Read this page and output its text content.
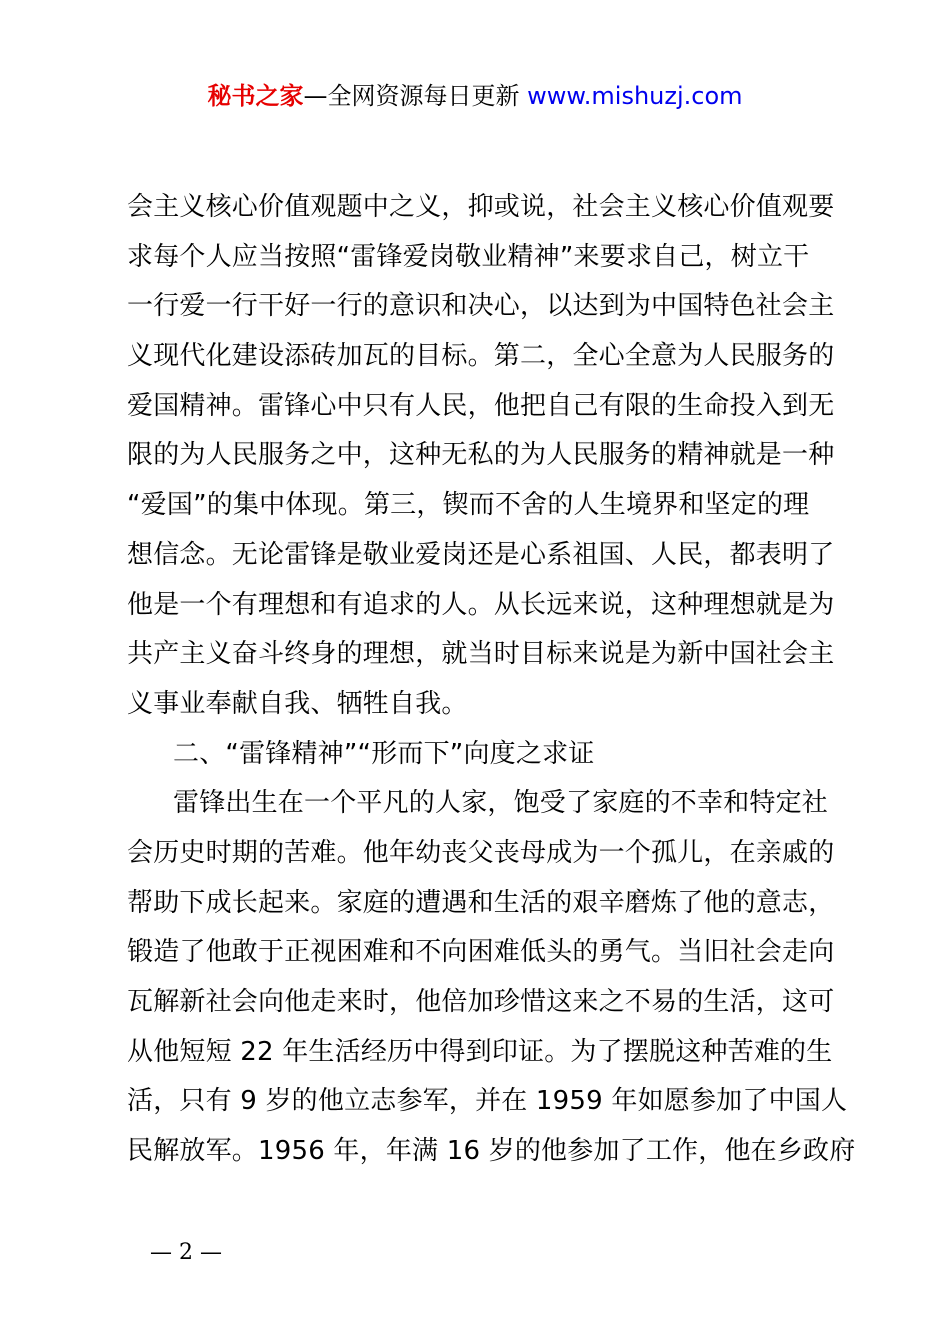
秘书之家—全网资源每日更新 www.mishuzj.com
会主义核心价值观题中之义，抑或说，社会主义核心价值观要
求每个人应当按照“雷锋爱岗敬业精神”来要求自己，树立干
一行爱一行干好一行的意识和决心，以达到为中国特色社会主
义现代化建设添砖加瓦的目标。第二，全心全意为人民服务的
爱国精神。雷锋心中只有人民，他把自己有限的生命投入到无
限的为人民服务之中，这种无私的为人民服务的精神就是一种
“爱国”的集中体现。第三，锲而不舍的人生境界和坚定的理
想信念。无论雷锋是敬业爱岗还是心系祖国、人民，都表明了
他是一个有理想和有追求的人。从长远来说，这种理想就是为
共产主义奋斗终身的理想，就当时目标来说是为新中国社会主
义事业奉献自我、牺牲自我。
二、“雷锋精神”“形而下”向度之求证
雷锋出生在一个平凡的人家，饱受了家庭的不幸和特定社
会历史时期的苦难。他年幼丧父丧母成为一个孤儿，在亲戚的
帮助下成长起来。家庭的遭遇和生活的艰辛磨炼了他的意志，
锻造了他敢于正视困难和不向困难低头的勇气。当旧社会走向
瓦解新社会向他走来时，他倍加珍惜这来之不易的生活，这可
从他短短 22 年生活经历中得到印证。为了摆脱这种苦难的生
活，只有 9 岁的他立志参军，并在 1959 年如愿参加了中国人
民解放军。1956 年，年满 16 岁的他参加了工作，他在乡政府
— 2 —
